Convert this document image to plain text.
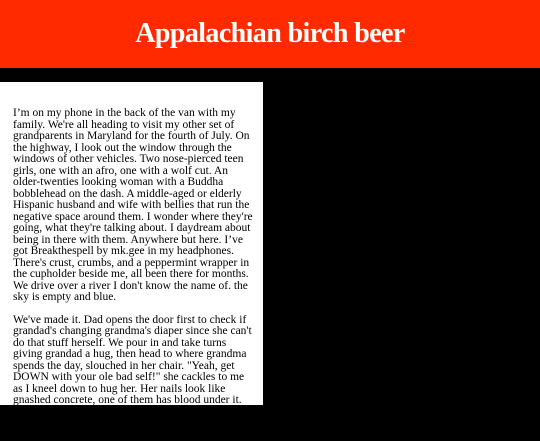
Appalachian birch beer

I’m on my phone in the back of the van with my family. We're all heading to visit my other set of grandparents in Maryland for the fourth of July. On the highway, I look out the window through the windows of other vehicles. Two nose-pierced teen girls, one with an afro, one with a wolf cut. An older-twenties looking woman with a Buddha bobblehead on the dash. A middle-aged or elderly Hispanic husband and wife with bellies that run the negative space around them. I wonder where they're going, what they're talking about. I daydream about being in there with them. Anywhere but here. I’ve got Breakthespell by mk.gee in my headphones. There's crust, crumbs, and a peppermint wrapper in the cupholder beside me, all been there for months. We drive over a river I don't know the name of. the sky is empty and blue.

We've made it. Dad opens the door first to check if grandad's changing grandma's diaper since she can't do that stuff herself. We pour in and take turns giving grandad a hug, then head to where grandma spends the day, slouched in her chair. "Yeah, get DOWN with your ole bad self!" she cackles to me as I kneel down to hug her. Her nails look like gnashed concrete, one of them has blood under it. Peter strikes up a conversation with grandad about Norse mythology and antisemitism accusations against Tolkien. I stumble off to the bathroom
